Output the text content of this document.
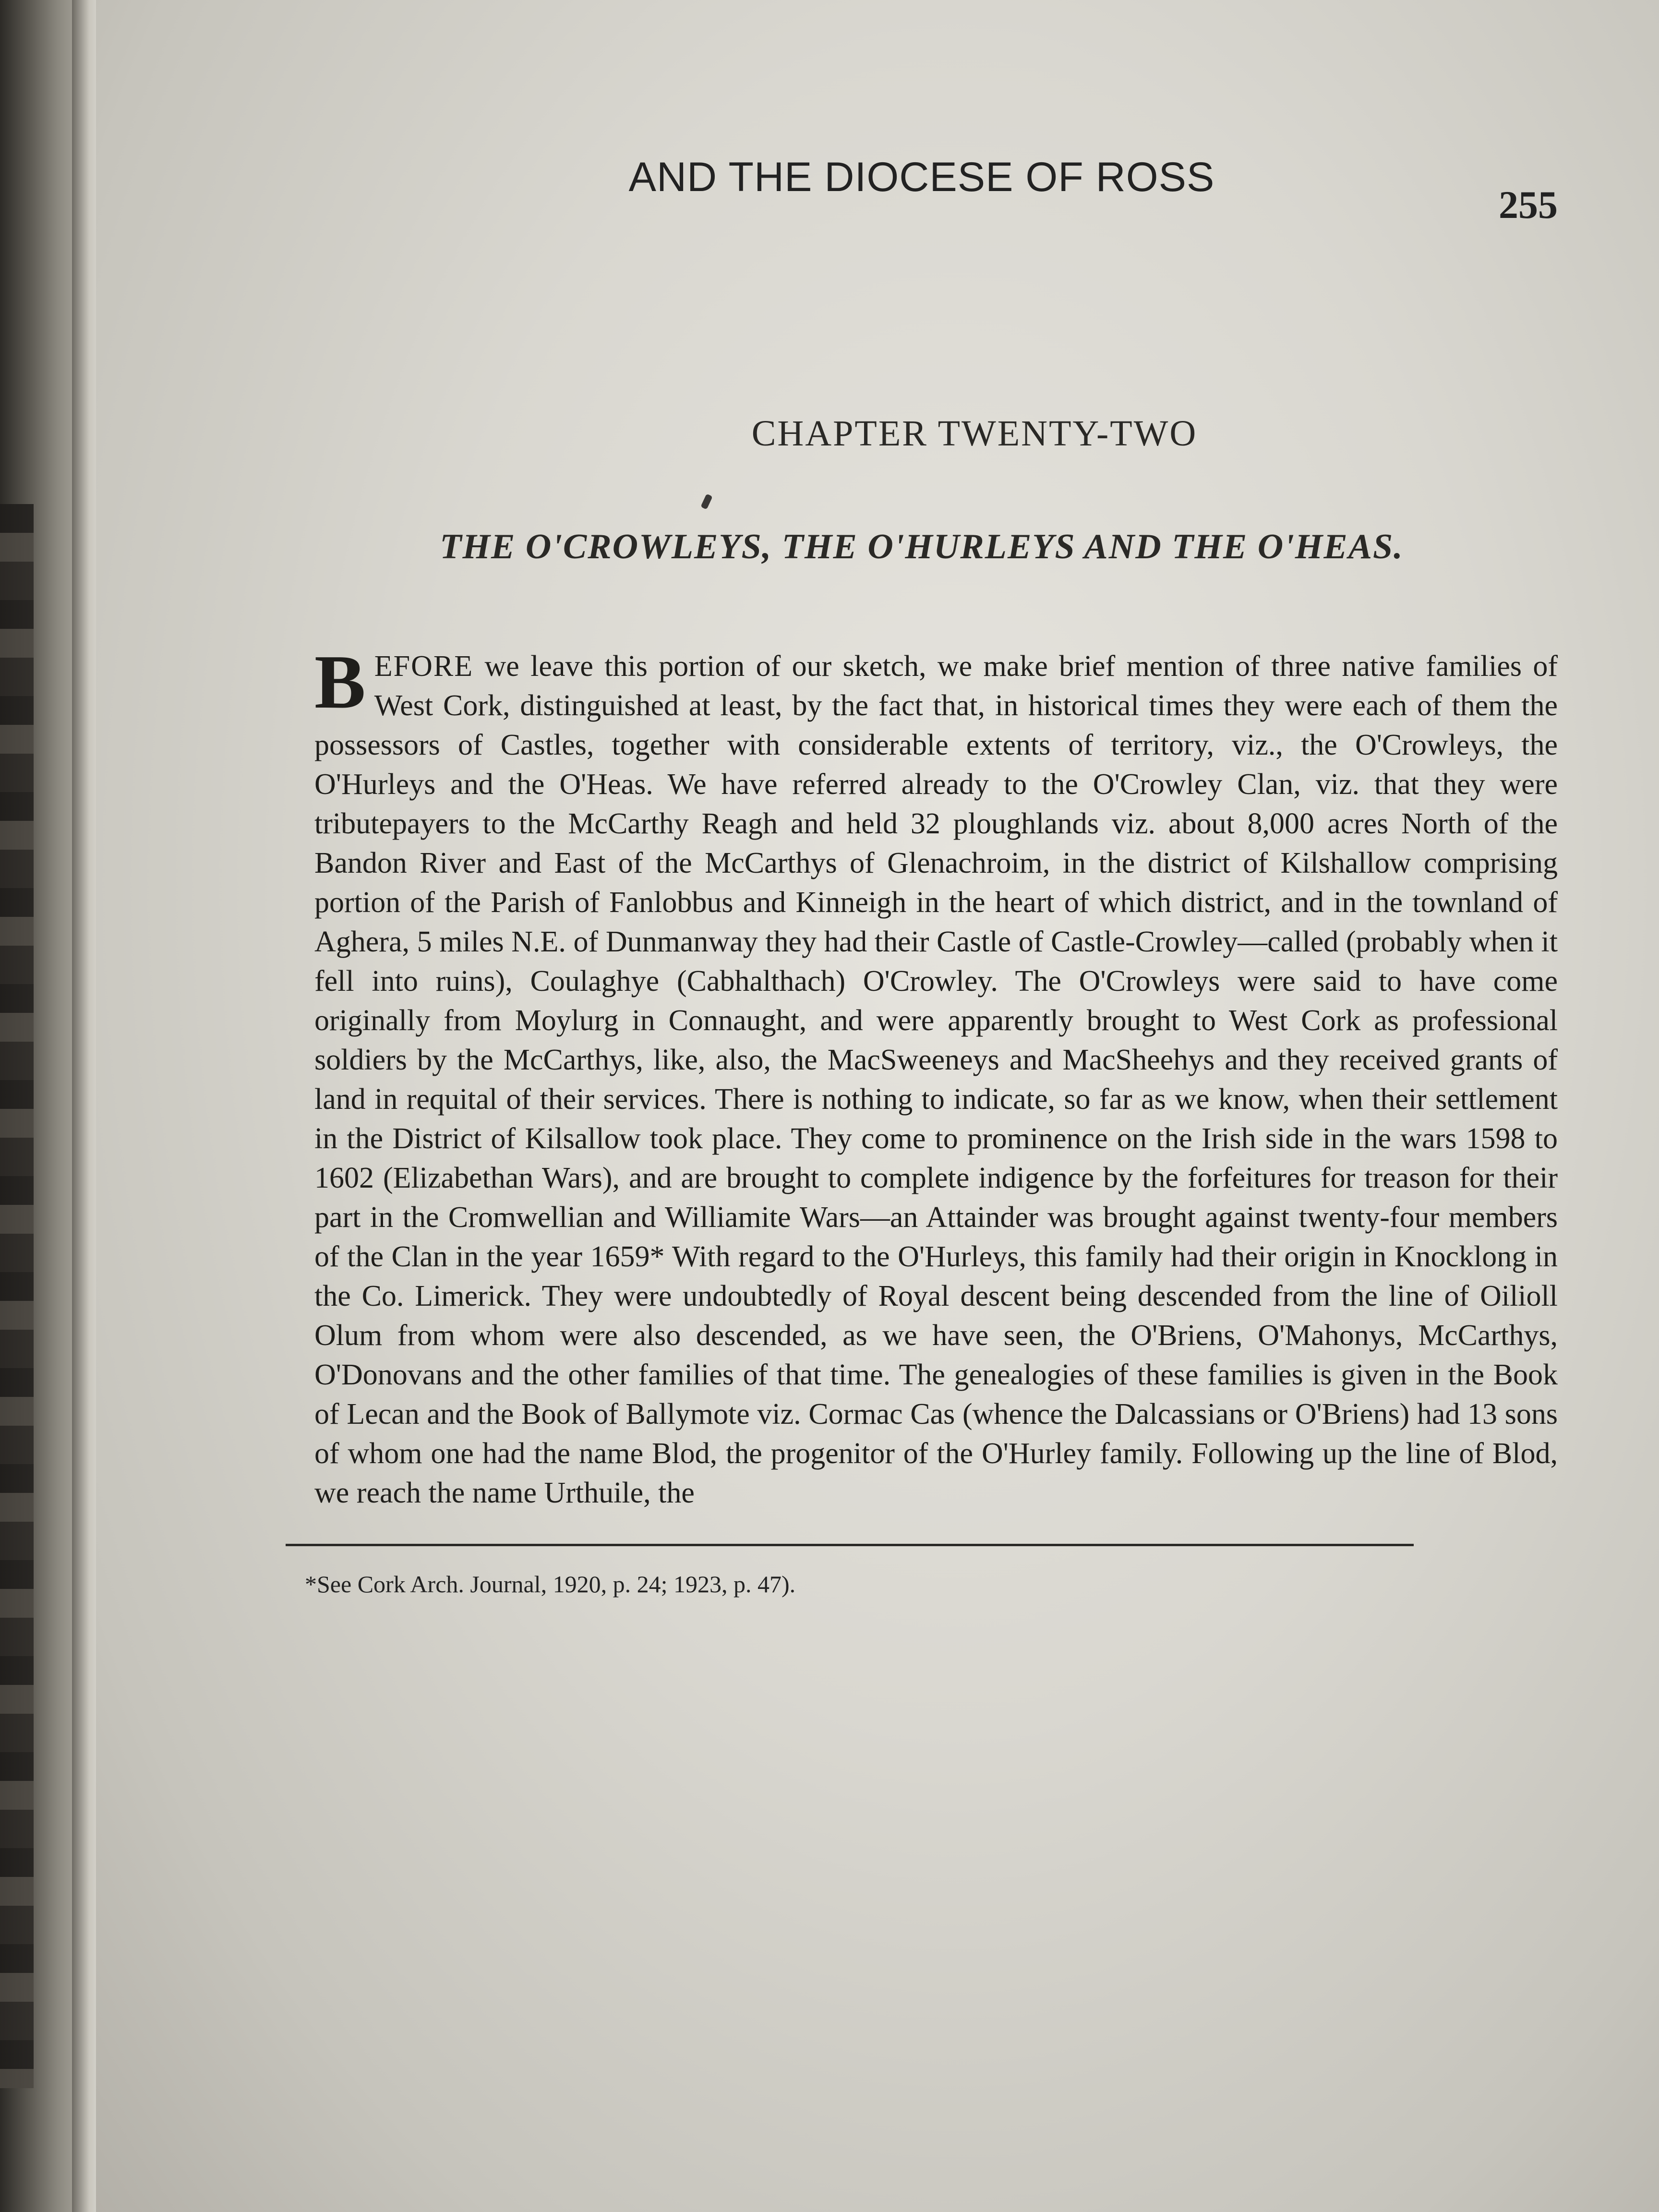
AND THE DIOCESE OF ROSS
255
CHAPTER TWENTY-TWO
THE O'CROWLEYS, THE O'HURLEYS AND THE O'HEAS.

BEFORE we leave this portion of our sketch, we make brief mention of three native families of West Cork, distinguished at least, by the fact that, in historical times they were each of them the possessors of Castles, together with considerable extents of territory, viz., the O'Crowleys, the O'Hurleys and the O'Heas. We have referred already to the O'Crowley Clan, viz. that they were tributepayers to the McCarthy Reagh and held 32 ploughlands viz. about 8,000 acres North of the Bandon River and East of the McCarthys of Glenachroim, in the district of Kilshallow comprising portion of the Parish of Fanlobbus and Kinneigh in the heart of which district, and in the townland of Aghera, 5 miles N.E. of Dunmanway they had their Castle of Castle-Crowley—called (probably when it fell into ruins), Coulaghye (Cabhalthach) O'Crowley. The O'Crowleys were said to have come originally from Moylurg in Connaught, and were apparently brought to West Cork as professional soldiers by the McCarthys, like, also, the MacSweeneys and MacSheehys and they received grants of land in requital of their services. There is nothing to indicate, so far as we know, when their settlement in the District of Kilsallow took place. They come to prominence on the Irish side in the wars 1598 to 1602 (Elizabethan Wars), and are brought to complete indigence by the forfeitures for treason for their part in the Cromwellian and Williamite Wars—an Attainder was brought against twenty-four members of the Clan in the year 1659* With regard to the O'Hurleys, this family had their origin in Knocklong in the Co. Limerick. They were undoubtedly of Royal descent being descended from the line of Oilioll Olum from whom were also descended, as we have seen, the O'Briens, O'Mahonys, McCarthys, O'Donovans and the other families of that time. The genealogies of these families is given in the Book of Lecan and the Book of Ballymote viz. Cormac Cas (whence the Dalcassians or O'Briens) had 13 sons of whom one had the name Blod, the progenitor of the O'Hurley family. Following up the line of Blod, we reach the name Urthuile, the

*See Cork Arch. Journal, 1920, p. 24; 1923, p. 47).
